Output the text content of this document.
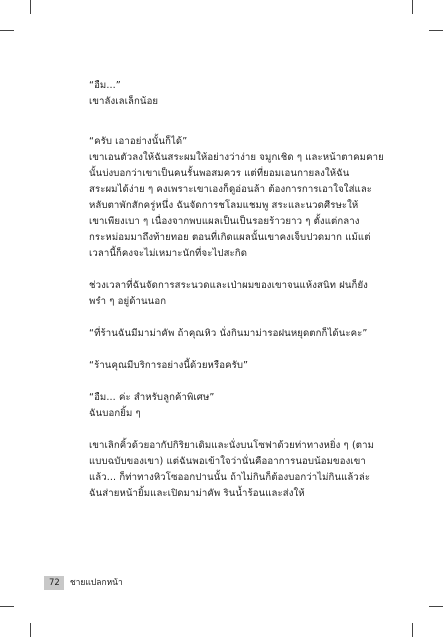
“อืม...”
เขาลังเลเล็กน้อย

“ครับ เอาอย่างนั้นก็ได้”
เขาเอนตัวลงให้ฉันสระผมให้อย่างว่าง่าย จมูกเชิด ๆ และหน้าตาคมคาย
นั้นบ่งบอกว่าเขาเป็นคนรั้นพอสมควร แต่ที่ยอมเอนกายลงให้ฉัน
สระผมได้ง่าย ๆ คงเพราะเขาเองก็ดูอ่อนล้า ต้องการการเอาใจใส่และ
หลับตาพักสักครู่หนึ่ง ฉันจัดการชโลมแชมพู สระและนวดศีรษะให้
เขาเพียงเบา ๆ เนื่องจากพบแผลเป็นเป็นรอยร้าวยาว ๆ ตั้งแต่กลาง
กระหม่อมมาถึงท้ายทอย ตอนที่เกิดแผลนั้นเขาคงเจ็บปวดมาก แม้แต่
เวลานี้ก็คงจะไม่เหมาะนักที่จะไปสะกิด

ช่วงเวลาที่ฉันจัดการสระนวดและเป่าผมของเขาจนแห้งสนิท ฝนก็ยัง
พรำ ๆ อยู่ด้านนอก

“ที่ร้านฉันมีมาม่าคัพ ถ้าคุณหิว นั่งกินมาม่ารอฝนหยุดตกก็ได้นะคะ”

“ร้านคุณมีบริการอย่างนี้ด้วยหรือครับ”

“อืม... ค่ะ สำหรับลูกค้าพิเศษ”
ฉันบอกยิ้ม ๆ

เขาเลิกคิ้วด้วยอากัปกิริยาเดิมและนั่งบนโซฟาด้วยท่าทางหยิ่ง ๆ (ตาม
แบบฉบับของเขา) แต่ฉันพอเข้าใจว่านั่นคืออาการนอบน้อมของเขา
แล้ว... ก็ท่าทางหิวโซออกปานนั้น ถ้าไม่กินก็ต้องบอกว่าไม่กินแล้วล่ะ
ฉันส่ายหน้ายิ้มและเปิดมาม่าคัพ รินน้ำร้อนและส่งให้

72	ชายแปลกหน้า
